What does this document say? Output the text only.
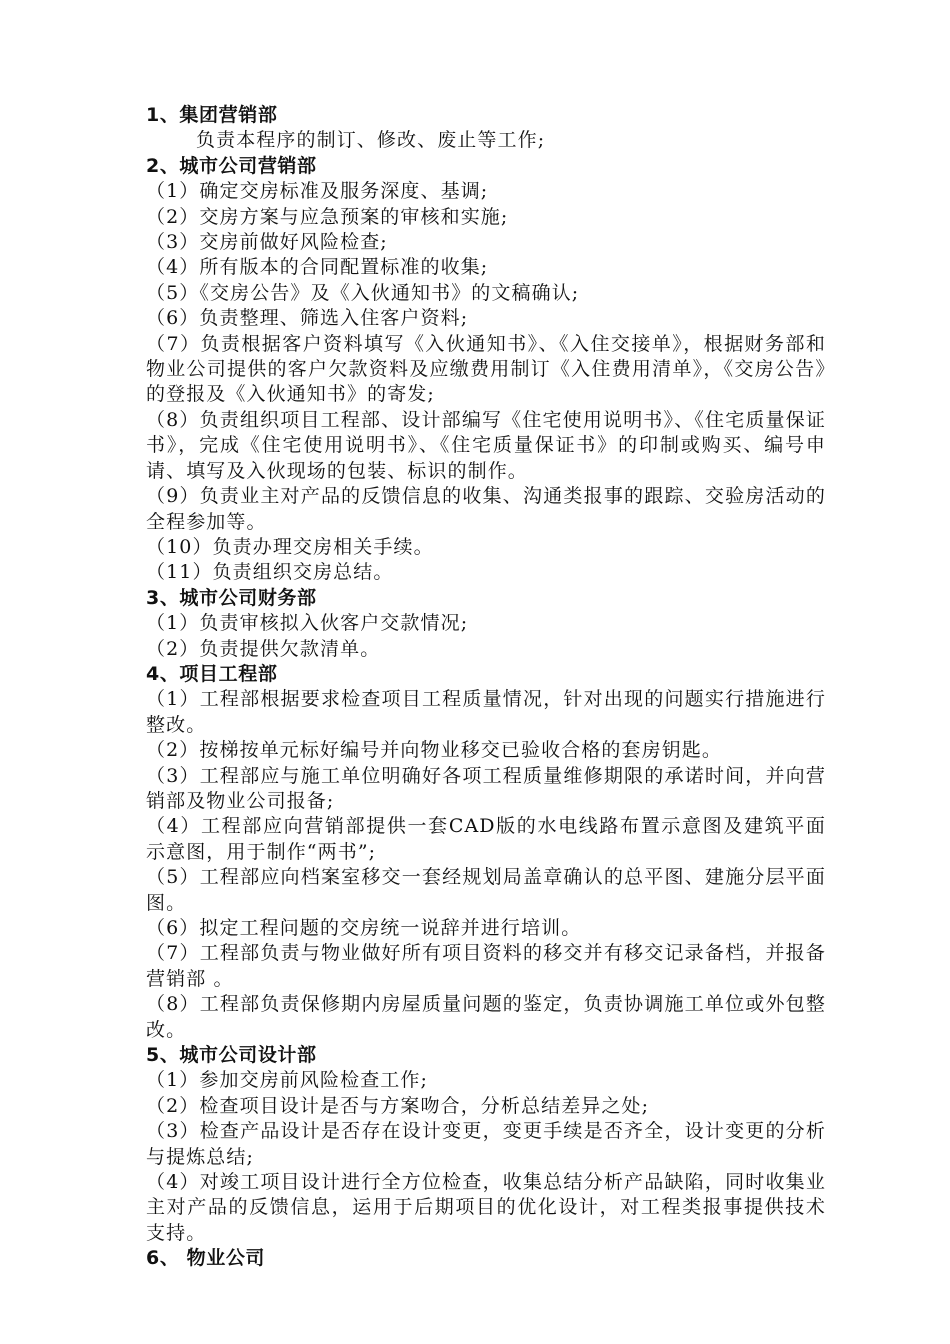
1、集团营销部

负责本程序的制订、修改、废止等工作;

2、城市公司营销部

（1）确定交房标准及服务深度、基调;

（2）交房方案与应急预案的审核和实施;

（3）交房前做好风险检查;

（4）所有版本的合同配置标准的收集;

（5）《交房公告》及《入伙通知书》的文稿确认;

（6）负责整理、筛选入住客户资料;

（7）负责根据客户资料填写《入伙通知书》、《入住交接单》，根据财务部和物业公司提供的客户欠款资料及应缴费用制订《入住费用清单》，《交房公告》的登报及《入伙通知书》的寄发;

（8）负责组织项目工程部、设计部编写《住宅使用说明书》、《住宅质量保证书》，完成《住宅使用说明书》、《住宅质量保证书》的印制或购买、编号申请、填写及入伙现场的包装、标识的制作。

（9）负责业主对产品的反馈信息的收集、沟通类报事的跟踪、交验房活动的全程参加等。

（10）负责办理交房相关手续。

（11）负责组织交房总结。

3、城市公司财务部

（1）负责审核拟入伙客户交款情况;

（2）负责提供欠款清单。

4、项目工程部

（1）工程部根据要求检查项目工程质量情况，针对出现的问题实行措施进行整改。

（2）按梯按单元标好编号并向物业移交已验收合格的套房钥匙。

（3）工程部应与施工单位明确好各项工程质量维修期限的承诺时间，并向营销部及物业公司报备;

（4）工程部应向营销部提供一套CAD版的水电线路布置示意图及建筑平面示意图，用于制作“两书”;

（5）工程部应向档案室移交一套经规划局盖章确认的总平图、建施分层平面图。

（6）拟定工程问题的交房统一说辞并进行培训。

（7）工程部负责与物业做好所有项目资料的移交并有移交记录备档，并报备营销部 。

（8）工程部负责保修期内房屋质量问题的鉴定，负责协调施工单位或外包整改。

5、城市公司设计部

（1）参加交房前风险检查工作;

（2）检查项目设计是否与方案吻合，分析总结差异之处;

（3）检查产品设计是否存在设计变更，变更手续是否齐全，设计变更的分析与提炼总结;

（4）对竣工项目设计进行全方位检查，收集总结分析产品缺陷，同时收集业主对产品的反馈信息，运用于后期项目的优化设计，对工程类报事提供技术支持。

6、 物业公司
